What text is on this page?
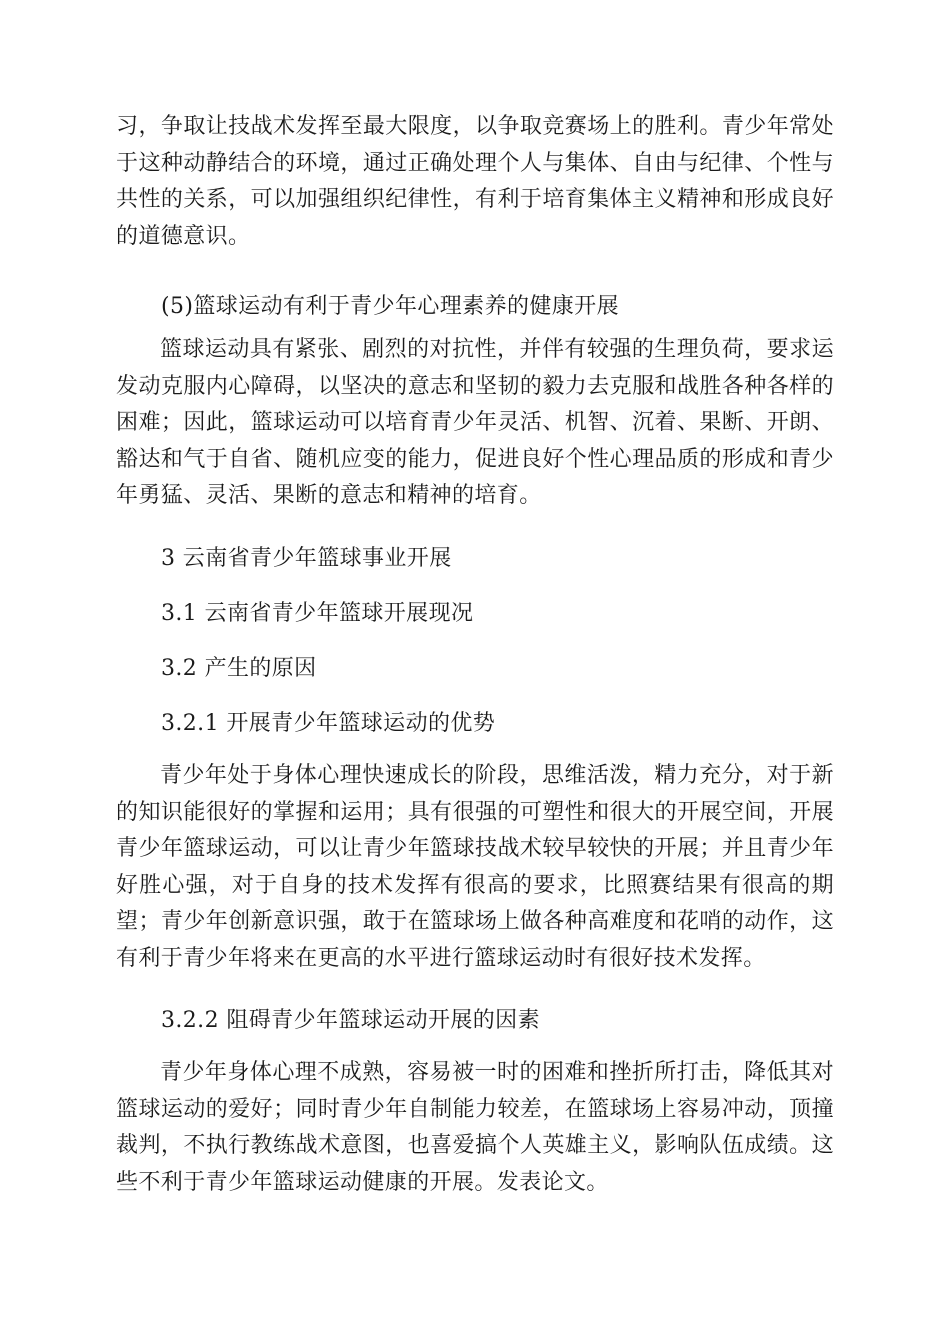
习，争取让技战术发挥至最大限度，以争取竞赛场上的胜利。青少年常处于这种动静结合的环境，通过正确处理个人与集体、自由与纪律、个性与共性的关系，可以加强组织纪律性，有利于培育集体主义精神和形成良好的道德意识。

(5)篮球运动有利于青少年心理素养的健康开展

篮球运动具有紧张、剧烈的对抗性，并伴有较强的生理负荷，要求运发动克服内心障碍，以坚决的意志和坚韧的毅力去克服和战胜各种各样的困难；因此，篮球运动可以培育青少年灵活、机智、沉着、果断、开朗、豁达和气于自省、随机应变的能力，促进良好个性心理品质的形成和青少年勇猛、灵活、果断的意志和精神的培育。

3 云南省青少年篮球事业开展

3.1 云南省青少年篮球开展现况

3.2 产生的原因

3.2.1 开展青少年篮球运动的优势

青少年处于身体心理快速成长的阶段，思维活泼，精力充分，对于新的知识能很好的掌握和运用；具有很强的可塑性和很大的开展空间，开展青少年篮球运动，可以让青少年篮球技战术较早较快的开展；并且青少年好胜心强，对于自身的技术发挥有很高的要求，比照赛结果有很高的期望；青少年创新意识强，敢于在篮球场上做各种高难度和花哨的动作，这有利于青少年将来在更高的水平进行篮球运动时有很好技术发挥。

3.2.2 阻碍青少年篮球运动开展的因素

青少年身体心理不成熟，容易被一时的困难和挫折所打击，降低其对篮球运动的爱好；同时青少年自制能力较差，在篮球场上容易冲动，顶撞裁判，不执行教练战术意图，也喜爱搞个人英雄主义，影响队伍成绩。这些不利于青少年篮球运动健康的开展。发表论文。
